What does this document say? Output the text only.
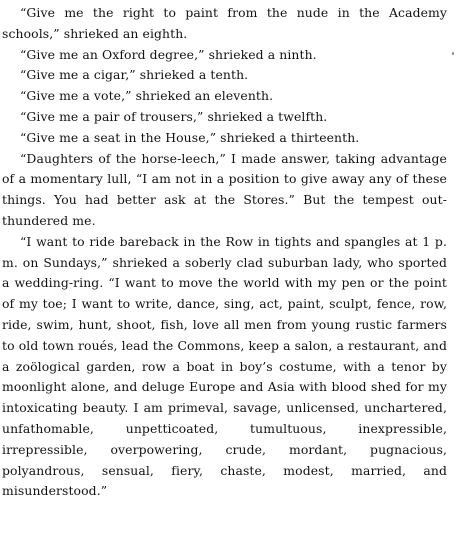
“Give me the right to paint from the nude in the Academy schools,” shrieked an eighth.

“Give me an Oxford degree,” shrieked a ninth.

“Give me a cigar,” shrieked a tenth.

“Give me a vote,” shrieked an eleventh.

“Give me a pair of trousers,” shrieked a twelfth.

“Give me a seat in the House,” shrieked a thirteenth.

“Daughters of the horse-leech,” I made answer, taking advantage of a momentary lull, “I am not in a position to give away any of these things. You had better ask at the Stores.” But the tempest out-thundered me.

“I want to ride bareback in the Row in tights and spangles at 1 p. m. on Sundays,” shrieked a soberly clad suburban lady, who sported a wedding-ring. “I want to move the world with my pen or the point of my toe; I want to write, dance, sing, act, paint, sculpt, fence, row, ride, swim, hunt, shoot, fish, love all men from young rustic farmers to old town roués, lead the Commons, keep a salon, a restaurant, and a zoölogical garden, row a boat in boy’s costume, with a tenor by moonlight alone, and deluge Europe and Asia with blood shed for my intoxicating beauty. I am primeval, savage, unlicensed, unchartered, unfathomable, unpetticoated, tumultuous, inexpressible, irrepressible, overpowering, crude, mordant, pugnacious, polyandrous, sensual, fiery, chaste, modest, married, and misunderstood.”
